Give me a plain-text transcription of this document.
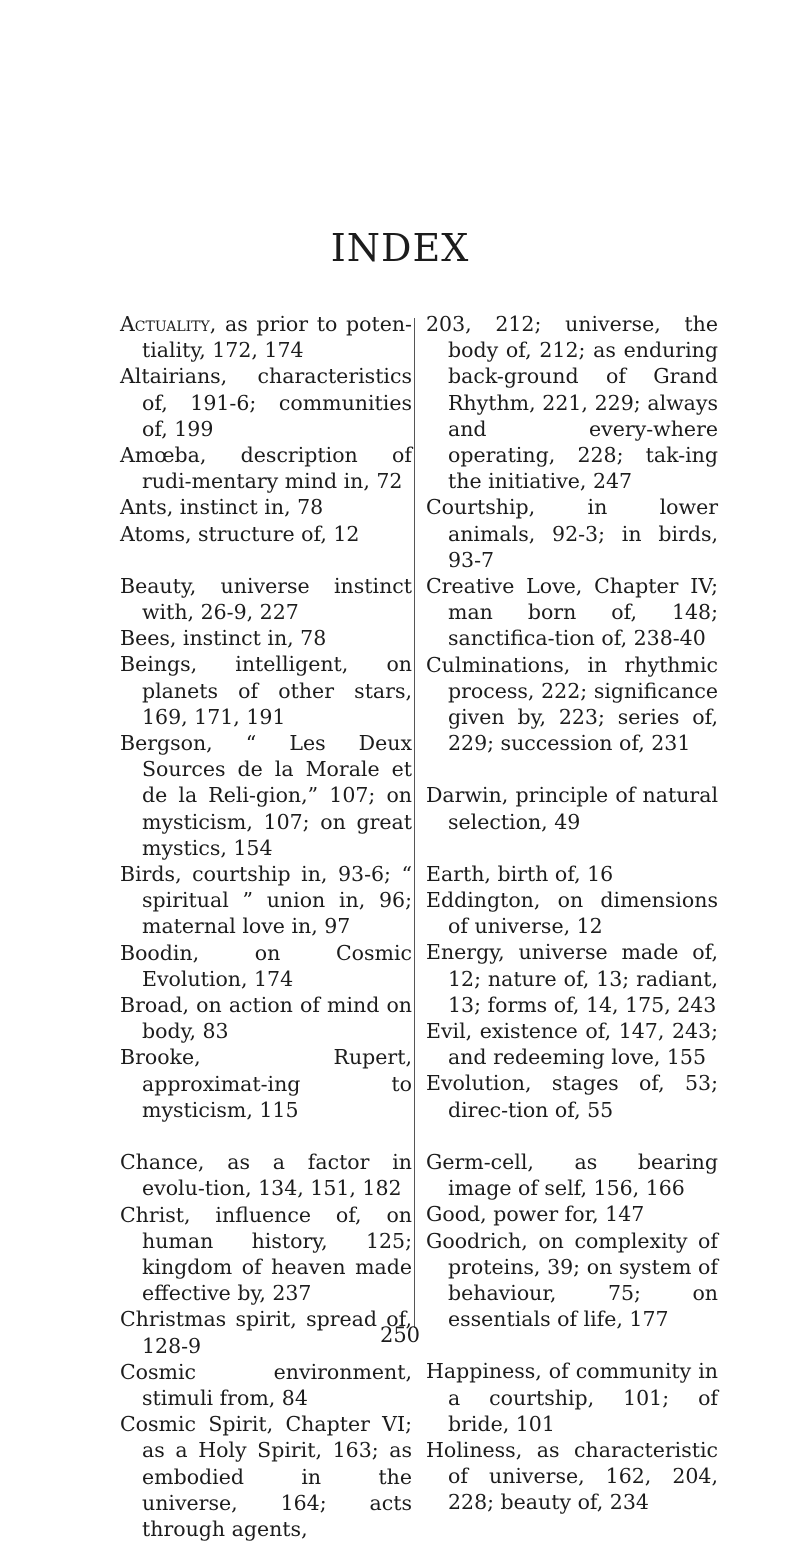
INDEX
Actuality, as prior to poten-tiality, 172, 174
Altairians, characteristics of, 191-6; communities of, 199
Amœba, description of rudi-mentary mind in, 72
Ants, instinct in, 78
Atoms, structure of, 12
Beauty, universe instinct with, 26-9, 227
Bees, instinct in, 78
Beings, intelligent, on planets of other stars, 169, 171, 191
Bergson, “ Les Deux Sources de la Morale et de la Reli-gion,” 107; on mysticism, 107; on great mystics, 154
Birds, courtship in, 93-6; “ spiritual ” union in, 96; maternal love in, 97
Boodin, on Cosmic Evolution, 174
Broad, on action of mind on body, 83
Brooke, Rupert, approximat-ing to mysticism, 115
Chance, as a factor in evolu-tion, 134, 151, 182
Christ, influence of, on human history, 125; kingdom of heaven made effective by, 237
Christmas spirit, spread of, 128-9
Cosmic environment, stimuli from, 84
Cosmic Spirit, Chapter VI; as a Holy Spirit, 163; as embodied in the universe, 164; acts through agents,
203, 212; universe, the body of, 212; as enduring back-ground of Grand Rhythm, 221, 229; always and every-where operating, 228; tak-ing the initiative, 247
Courtship, in lower animals, 92-3; in birds, 93-7
Creative Love, Chapter IV; man born of, 148; sanctifica-tion of, 238-40
Culminations, in rhythmic process, 222; significance given by, 223; series of, 229; succession of, 231
Darwin, principle of natural selection, 49
Earth, birth of, 16
Eddington, on dimensions of universe, 12
Energy, universe made of, 12; nature of, 13; radiant, 13; forms of, 14, 175, 243
Evil, existence of, 147, 243; and redeeming love, 155
Evolution, stages of, 53; direc-tion of, 55
Germ-cell, as bearing image of self, 156, 166
Good, power for, 147
Goodrich, on complexity of proteins, 39; on system of behaviour, 75; on essentials of life, 177
Happiness, of community in a courtship, 101; of bride, 101
Holiness, as characteristic of universe, 162, 204, 228; beauty of, 234
250
